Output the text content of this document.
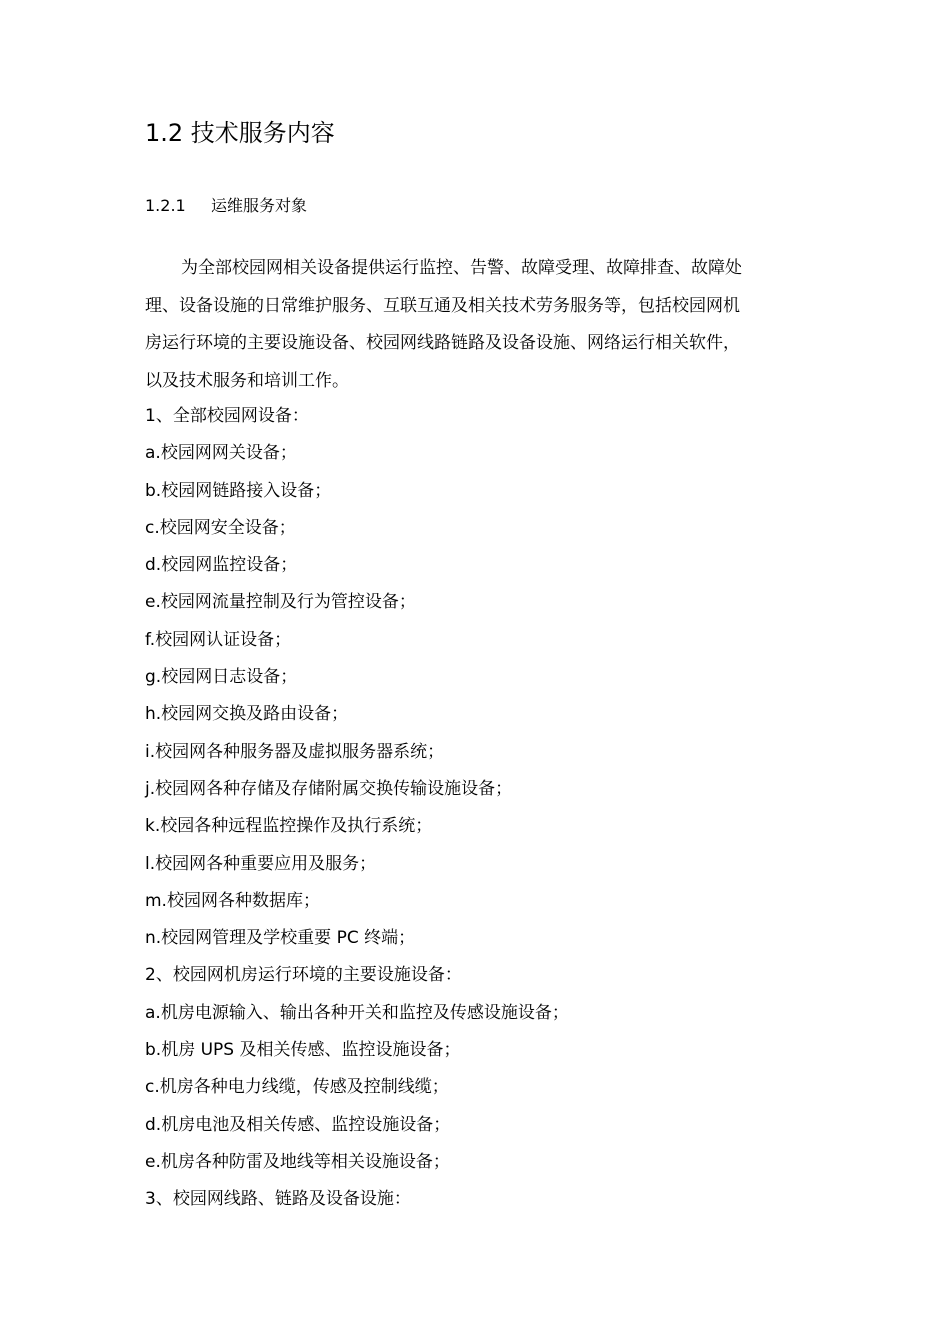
1.2 技术服务内容
1.2.1 运维服务对象
为全部校园网相关设备提供运行监控、告警、故障受理、故障排查、故障处
理、设备设施的日常维护服务、互联互通及相关技术劳务服务等，包括校园网机
房运行环境的主要设施设备、校园网线路链路及设备设施、网络运行相关软件，
以及技术服务和培训工作。
1、全部校园网设备：
a.校园网网关设备；
b.校园网链路接入设备；
c.校园网安全设备；
d.校园网监控设备；
e.校园网流量控制及行为管控设备；
f.校园网认证设备；
g.校园网日志设备；
h.校园网交换及路由设备；
i.校园网各种服务器及虚拟服务器系统；
j.校园网各种存储及存储附属交换传输设施设备；
k.校园各种远程监控操作及执行系统；
l.校园网各种重要应用及服务；
m.校园网各种数据库；
n.校园网管理及学校重要 PC 终端；
2、校园网机房运行环境的主要设施设备：
a.机房电源输入、输出各种开关和监控及传感设施设备；
b.机房 UPS 及相关传感、监控设施设备；
c.机房各种电力线缆，传感及控制线缆；
d.机房电池及相关传感、监控设施设备；
e.机房各种防雷及地线等相关设施设备；
3、校园网线路、链路及设备设施：
